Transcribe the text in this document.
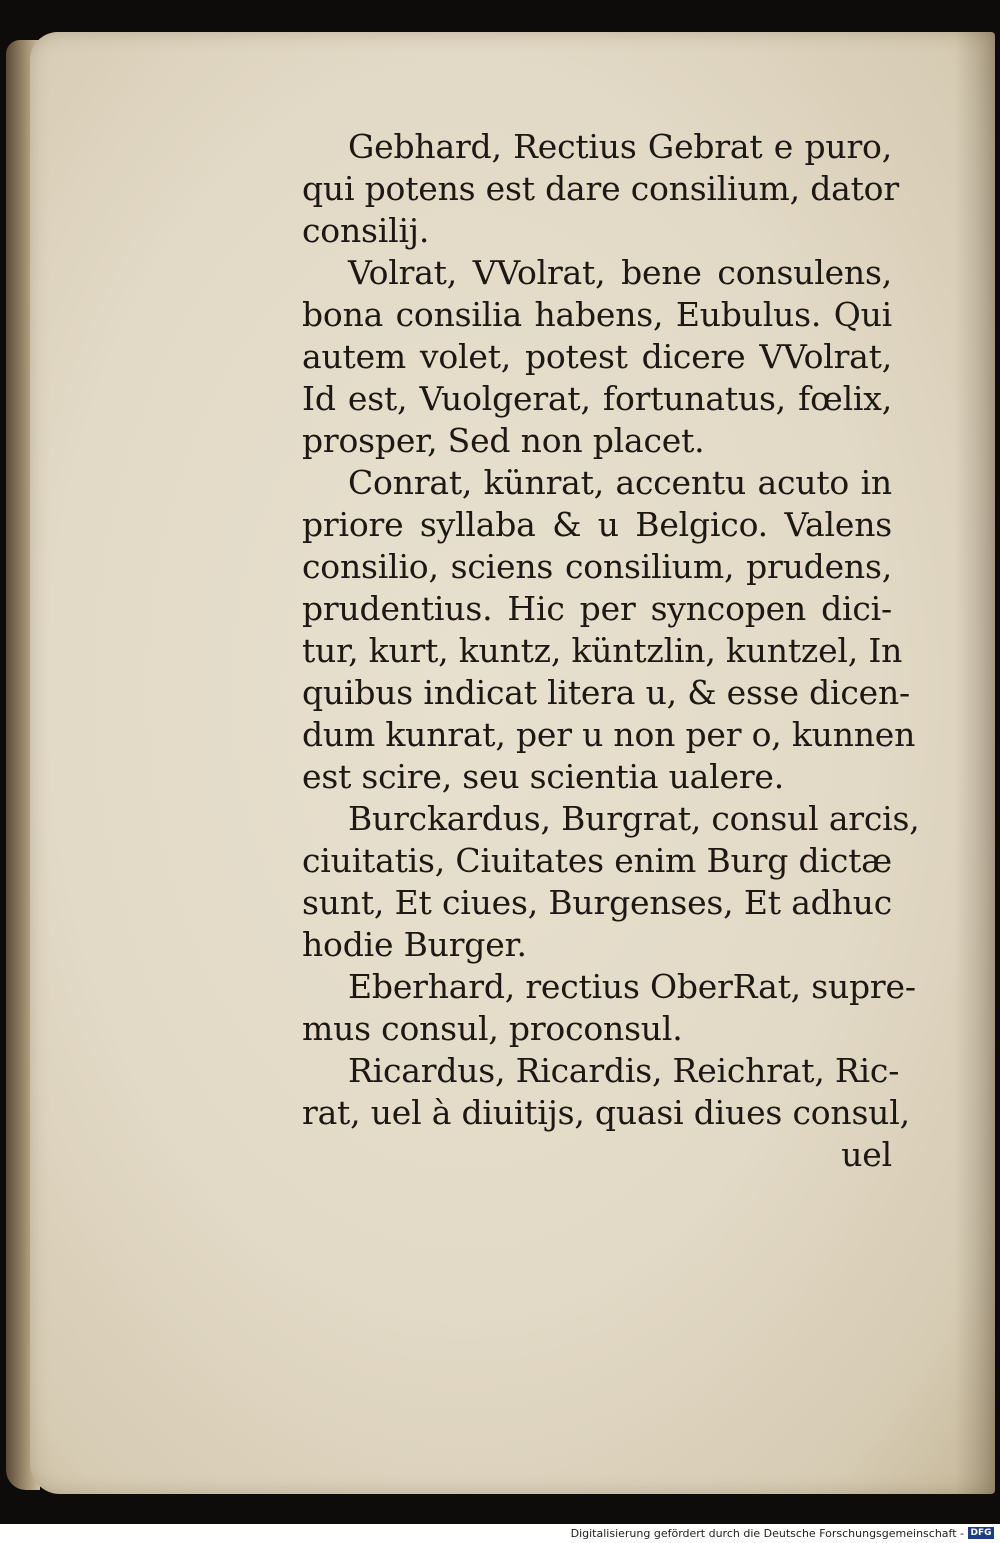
Gebhard, Rectius Gebrat e puro,
qui potens est dare consilium, dator
consilij.
Volrat, VVolrat, bene consulens,
bona consilia habens, Eubulus. Qui
autem volet, potest dicere VVolrat,
Id est, Vuolgerat, fortunatus, fœlix,
prosper, Sed non placet.
Conrat, künrat, accentu acuto in
priore syllaba & u Belgico. Valens
consilio, sciens consilium, prudens,
prudentius. Hic per syncopen dici-
tur, kurt, kuntz, küntzlin, kuntzel, In
quibus indicat litera u, & esse dicen-
dum kunrat, per u non per o, kunnen
est scire, seu scientia ualere.
Burckardus, Burgrat, consul arcis,
ciuitatis, Ciuitates enim Burg dictæ
sunt, Et ciues, Burgenses, Et adhuc
hodie Burger.
Eberhard, rectius OberRat, supre-
mus consul, proconsul.
Ricardus, Ricardis, Reichrat, Ric-
rat, uel à diuitijs, quasi diues consul,
uel
Digitalisierung gefördert durch die Deutsche Forschungsgemeinschaft - DFG
